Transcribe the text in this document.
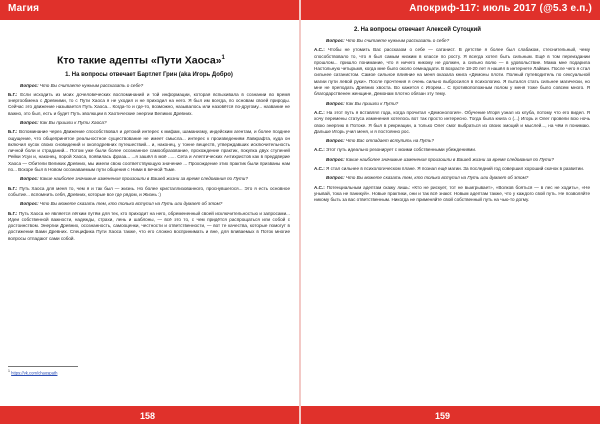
Магия
Кто такие адепты «Пути Хаоса»$^1$
1. На вопросы отвечает Бартлет Грин (aka Игорь Добро)
Вопрос: Что Вы считаете нужным рассказать о себе?
Б.Г.: Если исходить из моих дочеловеческих воспоминаний и той информации, которая вспыхивала в сознании во время энергообмена с Древними, то с Пути Хаоса я не уходил и не приходил на него. Я был им всегда, по основам своей природы. Сейчас это движение называется Путь Хаоса... Когда-то и где-то, возможно, называлось или назовётся по-другому... название не важно, это был, есть и будет Путь эволюции в Хаотические энергии Великих Древних.
Вопрос: Как Вы пришли к Пути Хаоса?
Б.Г.: Вспоминание через Движение способствовал и детский интерес к мифам, шаманизму, индейским агентам, и более позднее ощущение, что общепринятое реальностное существование не имеет смысла... интерес к произведениям Лавкрафта, куда он включил кусок своих сновидений и околодревних путешествий... и, наконец, у тонне веществ, утверждавших исключительность личной боли и страданий... Потом уже были более осознанное самообразование, прохождение практик, покупка двух ступеней Рейки Усуи и, наконец, порой Хаоса, появилась фраза... ...я зашёл в моё ...... Сета и Апептических Антихристов как в преддверие Хаоса — Обители Великих Древних, мы имели свою соответствующую значение ... Прохождение этих практик были призваны нам по... Вскоре был в Новом осознаваемым пути общения с Ними в вечной Тьме.
Вопрос: Какие наиболее значимые изменения произошли в Вашей жизни за время следования по Пути?
Б.Г.: Путь Хаоса для меня то, чем я и так был — жизнь. Но более кристаллизованного, проснувшегося... Это я есть основное событие... вспомнить себя, Древних, которые все где рядом, и Жизнь :)
Вопрос: Что Вы можете сказать тем, кто только вступил на Путь или думает об этом?
Б.Г.: Путь Хаоса не является лёгким путём для тех, кто приходит на него, обремененный своей исключительностью и запросами... Идеи собственной важности, надежды, страхи, лень и шаблоны, — всё это то, с чем придётся распрощаться или собой с достоинством. Энергии Древних, осознанность, самооценки, честности и ответственности, — вот те качества, которые помогут в достижении Вами Древних. Специфика Пути Хаоса также, что его сложно воспринимать и вне, для вливаемых в Поток многие вопросы отпадают сами собой.
$^1$ https://vk.com/chaospath
158
Апокриф-117: июль 2017 (@5.3 е.п.)
2. На вопросы отвечает Алексей Сутоцкий
Вопрос: Что Вы считаете нужным рассказать о себе?
А.С.: Чтобы не утомить Вас рассказом о себе — сатанист. В детстве я более был слабаком, стеснительный, чему способствовало то, что я был самым низким в классе по росту. Я всегда хотел быть сильным. Ещё в том переиздании прошлом... пришло понимание, что я ничего никому не должен, а сильно волю — в удовольствие. Мама мне подарила Настольную четырьмя, когда мне было около семнадцати. В возрасте 18-20 лет я нашёл в интернете Лайвин. После чего я стал сильнее сатанистом. Самое сильное влияние на меня оказала книга «Демоны плоти. Полный путеводитель по сексуальной магии пути левой руки». После прочтения я очень сильно выбросился в психологию. Я пытался стать сильнее магически, но мне не преподать Древних хвоста. Во кажется с Игорем... С противоположным полом у меня тоже было совсем много. Я благодарственен женщине, Демонам плотно обязан эту тему.
Вопрос: Как Вы пришли к Пути?
А.С.: На этот путь я вставлял года, когда прочитал «Демонология». Обучение Игоря узнал из клуба, потому что его видел. Я хочу перемены статуса изменения хотелось вот так просто интересно. Тогда была книга о (...) Игорь и Олег провели всю ночь свою энергию в Потоке. Я был в рекреации, а только Олег смог выбраться из своих эмоций и мыслей..., на чём я понимаю. Дальше Игорь учил меня, и я постоянно рос.
Вопрос: Что Вас отпадает вступить на Путь?
А.С.: Этот путь идеально резонирует с моими собственными убеждениями.
Вопрос: Какие наиболее значимые изменения произошли в Вашей жизни за время следования по Пути?
А.С.: Я стал сильнее в психологическом плане. Я познал ещё магии. За последний год совершил хороший скачок в развитии.
Вопрос: Что Вы можете сказать тем, кто только вступил на Путь или думает об этом?
А.С.: Потенциальным адептам скажу лишь: «Кто не рискует, тот не выигрывает», «Волков бояться — в лес не ходить», «Не унывай, тока не паникуй». Новые практики, они и так всё знают. Новым адептам также, что у каждого свой путь. Не позволяйте никому быть за вас ответственным. Никогда не применяйте свой собственный путь на чью-то догму.
159
